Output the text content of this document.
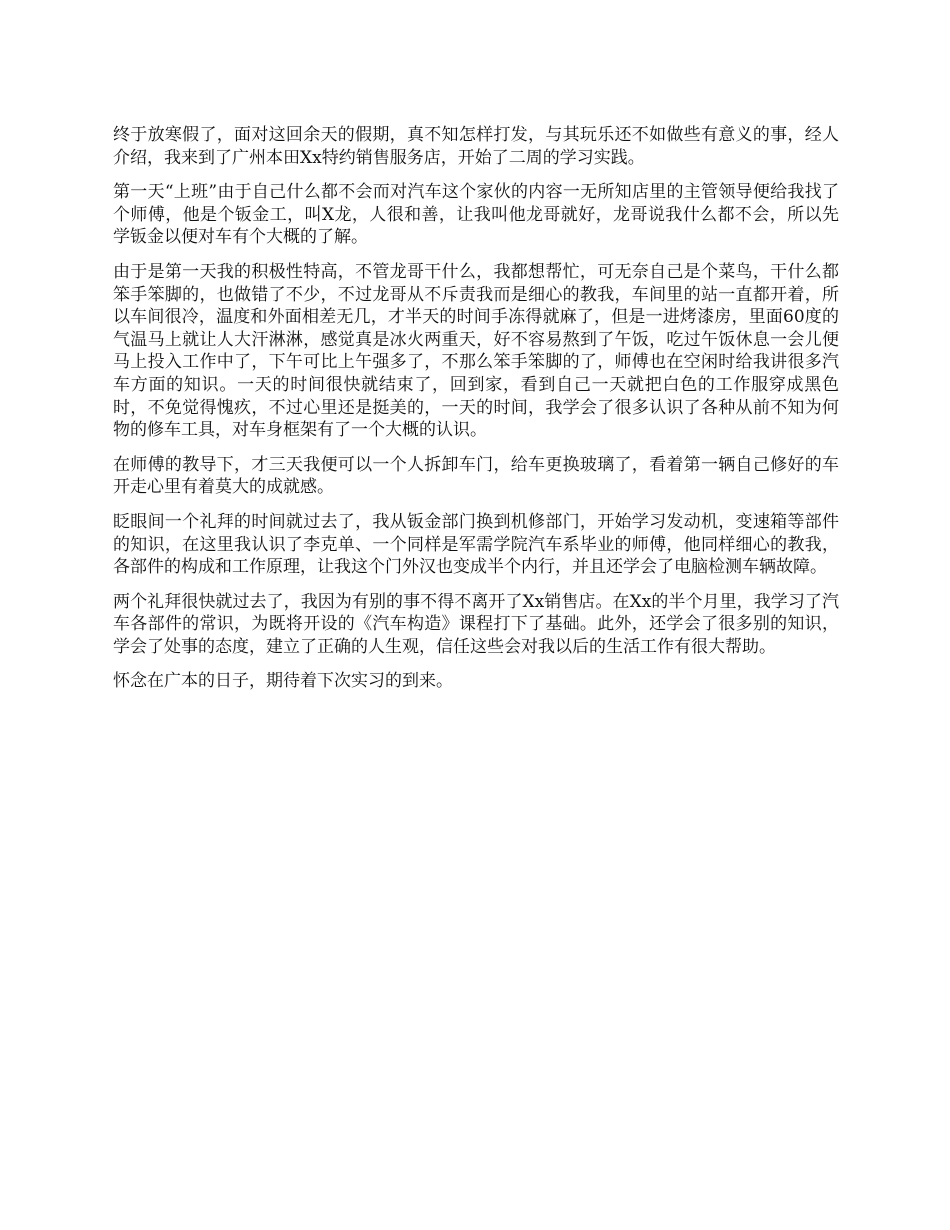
终于放寒假了，面对这回余天的假期，真不知怎样打发，与其玩乐还不如做些有意义的事，经人介绍，我来到了广州本田Xx特约销售服务店，开始了二周的学习实践。

第一天“上班”由于自己什么都不会而对汽车这个家伙的内容一无所知店里的主管领导便给我找了个师傅，他是个钣金工，叫X龙，人很和善，让我叫他龙哥就好，龙哥说我什么都不会，所以先学钣金以便对车有个大概的了解。

由于是第一天我的积极性特高，不管龙哥干什么，我都想帮忙，可无奈自己是个菜鸟，干什么都笨手笨脚的，也做错了不少，不过龙哥从不斥责我而是细心的教我，车间里的站一直都开着，所以车间很冷，温度和外面相差无几，才半天的时间手冻得就麻了，但是一进烤漆房，里面60度的气温马上就让人大汗淋淋，感觉真是冰火两重天，好不容易熬到了午饭，吃过午饭休息一会儿便马上投入工作中了，下午可比上午强多了，不那么笨手笨脚的了，师傅也在空闲时给我讲很多汽车方面的知识。一天的时间很快就结束了，回到家，看到自己一天就把白色的工作服穿成黑色时，不免觉得愧疚，不过心里还是挺美的，一天的时间，我学会了很多认识了各种从前不知为何物的修车工具，对车身框架有了一个大概的认识。

在师傅的教导下，才三天我便可以一个人拆卸车门，给车更换玻璃了，看着第一辆自己修好的车开走心里有着莫大的成就感。

眨眼间一个礼拜的时间就过去了，我从钣金部门换到机修部门，开始学习发动机，变速箱等部件的知识，在这里我认识了李克单、一个同样是军需学院汽车系毕业的师傅，他同样细心的教我，各部件的构成和工作原理，让我这个门外汉也变成半个内行，并且还学会了电脑检测车辆故障。

两个礼拜很快就过去了，我因为有别的事不得不离开了Xx销售店。在Xx的半个月里，我学习了汽车各部件的常识，为既将开设的《汽车构造》课程打下了基础。此外，还学会了很多别的知识，学会了处事的态度，建立了正确的人生观，信任这些会对我以后的生活工作有很大帮助。

怀念在广本的日子，期待着下次实习的到来。
